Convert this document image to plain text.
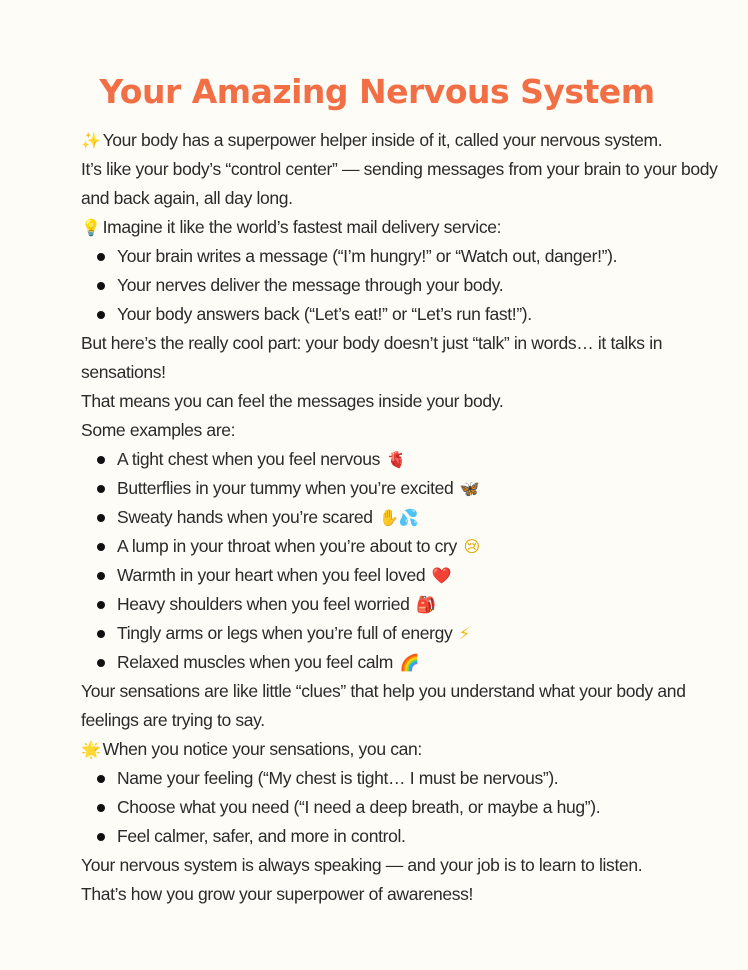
Your Amazing Nervous System

✨ Your body has a superpower helper inside of it, called your nervous system.
It’s like your body’s “control center” — sending messages from your brain to your body and back again, all day long.

💡 Imagine it like the world’s fastest mail delivery service:

Your brain writes a message (“I’m hungry!” or “Watch out, danger!”).
Your nerves deliver the message through your body.
Your body answers back (“Let’s eat!” or “Let’s run fast!”).

But here’s the really cool part: your body doesn’t just “talk” in words… it talks in sensations!
That means you can feel the messages inside your body.
Some examples are:

A tight chest when you feel nervous 🫀
Butterflies in your tummy when you’re excited 🦋
Sweaty hands when you’re scared ✋💦
A lump in your throat when you’re about to cry 😢
Warmth in your heart when you feel loved ❤️
Heavy shoulders when you feel worried 🎒
Tingly arms or legs when you’re full of energy ⚡
Relaxed muscles when you feel calm 🌈

Your sensations are like little “clues” that help you understand what your body and feelings are trying to say.

🌟 When you notice your sensations, you can:

Name your feeling (“My chest is tight… I must be nervous”).
Choose what you need (“I need a deep breath, or maybe a hug”).
Feel calmer, safer, and more in control.

Your nervous system is always speaking — and your job is to learn to listen.
That’s how you grow your superpower of awareness!
